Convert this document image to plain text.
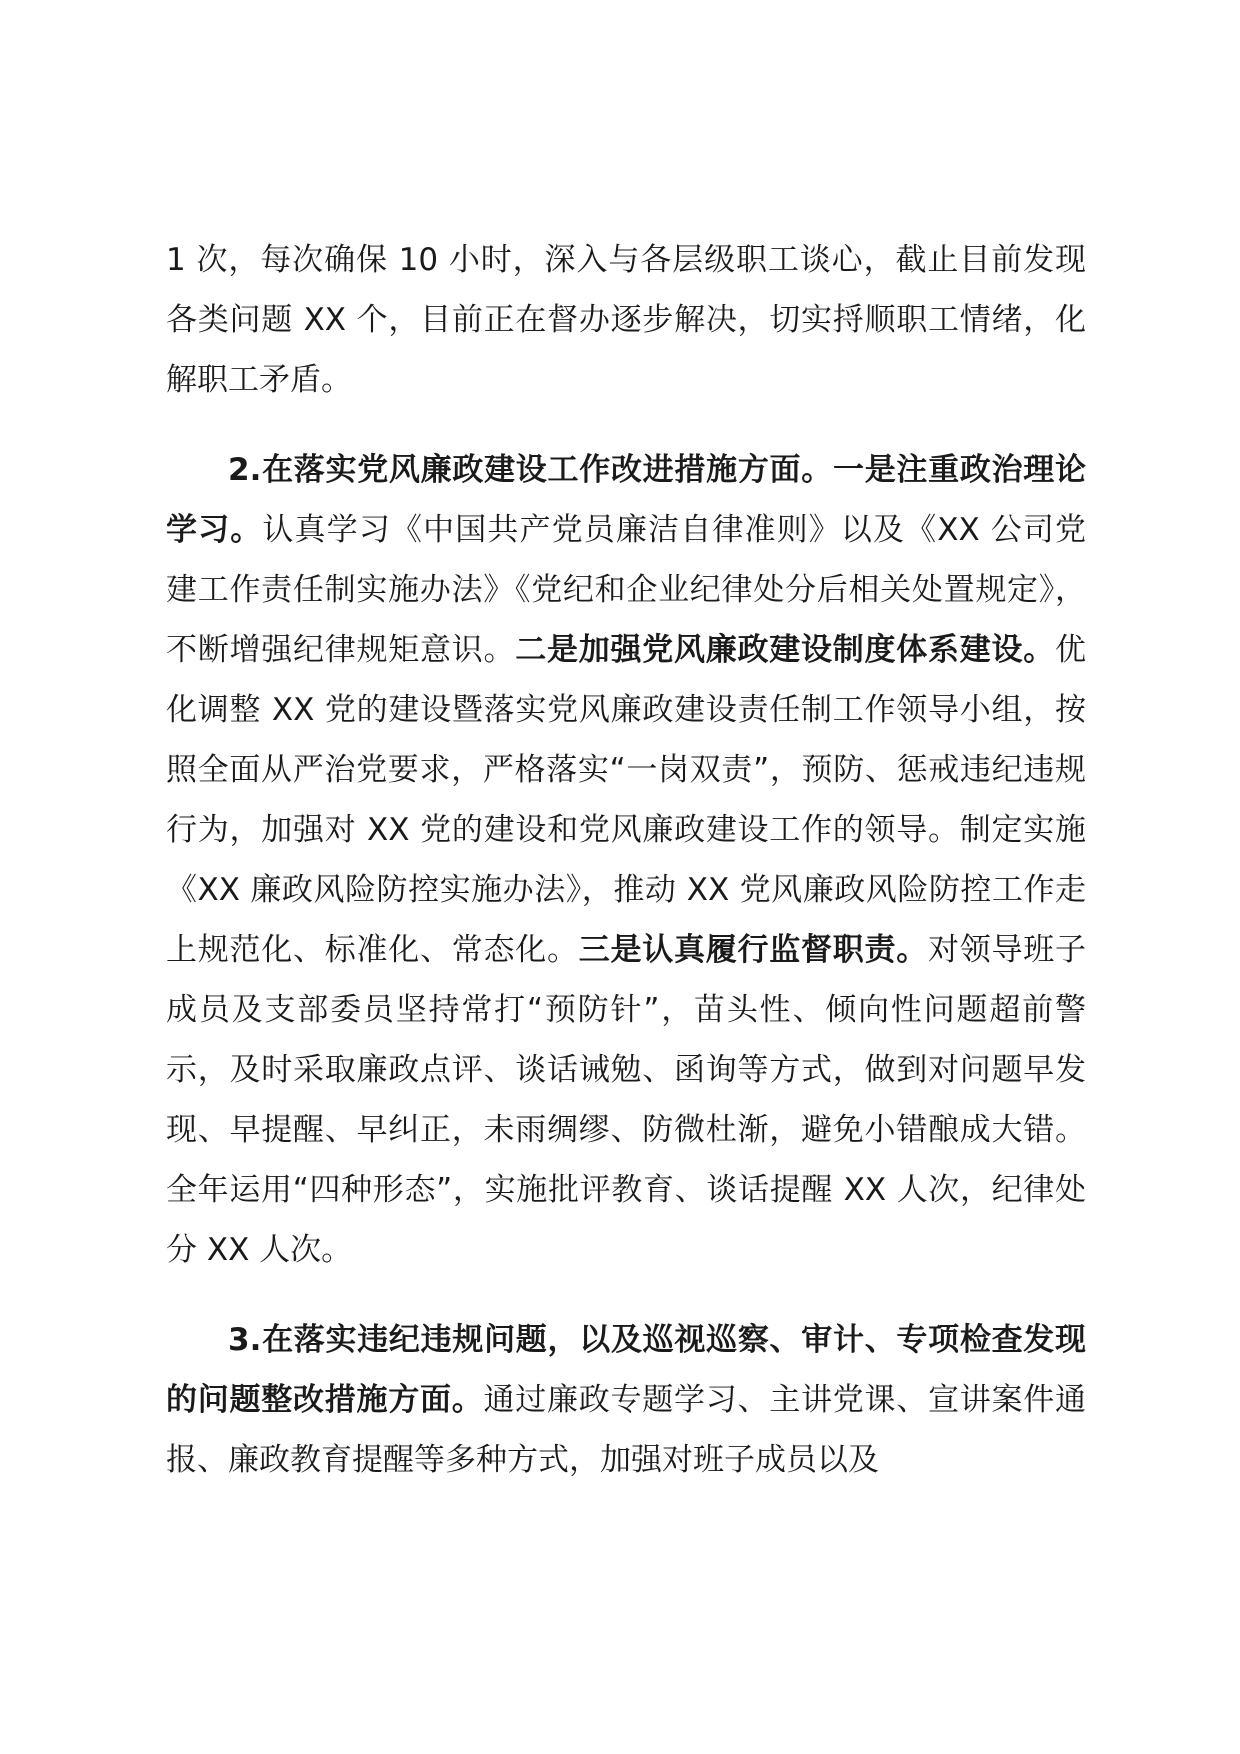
1 次，每次确保 10 小时，深入与各层级职工谈心，截止目前发现各类问题 XX 个，目前正在督办逐步解决，切实捋顺职工情绪，化解职工矛盾。

2.在落实党风廉政建设工作改进措施方面。一是注重政治理论学习。认真学习《中国共产党员廉洁自律准则》以及《XX 公司党建工作责任制实施办法》《党纪和企业纪律处分后相关处置规定》，不断增强纪律规矩意识。二是加强党风廉政建设制度体系建设。优化调整 XX 党的建设暨落实党风廉政建设责任制工作领导小组，按照全面从严治党要求，严格落实“一岗双责”，预防、惩戒违纪违规行为，加强对 XX 党的建设和党风廉政建设工作的领导。制定实施《XX 廉政风险防控实施办法》，推动 XX 党风廉政风险防控工作走上规范化、标准化、常态化。三是认真履行监督职责。对领导班子成员及支部委员坚持常打“预防针”，苗头性、倾向性问题超前警示，及时采取廉政点评、谈话诫勉、函询等方式，做到对问题早发现、早提醒、早纠正，未雨绸缪、防微杜渐，避免小错酿成大错。全年运用“四种形态”，实施批评教育、谈话提醒 XX 人次，纪律处分 XX 人次。

3.在落实违纪违规问题，以及巡视巡察、审计、专项检查发现的问题整改措施方面。通过廉政专题学习、主讲党课、宣讲案件通报、廉政教育提醒等多种方式，加强对班子成员以及
